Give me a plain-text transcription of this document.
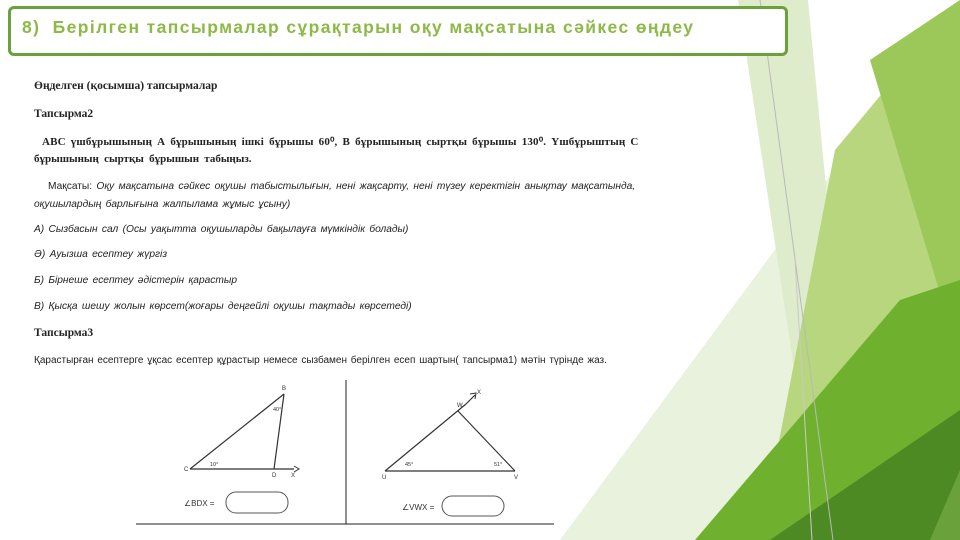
8) Берілген тапсырмалар сұрақтарын оқу мақсатына сәйкес өңдеу
Өңделген (қосымша) тапсырмалар
Тапсырма2
ABC үшбұрышының А бұрышының ішкі бұрышы 60⁰, В бұрышының сыртқы бұрышы 130⁰. Үшбұрыштың С
бұрышының сыртқы бұрышын табыңыз.
Мақсаты: Оқу мақсатына сәйкес оқушы табыстылығын, нені жақсарту, нені түзеу керектігін анықтау мақсатында,
оқушылардың барлығына жалпылама жұмыс ұсыну)
А) Сызбасын сал (Осы уақытта оқушыларды бақылауға мүмкіндік болады)
Ә) Ауызша есептеу жүргіз
Б) Бірнеше есептеу әдістерін қарастыр
В) Қысқа шешу жолын көрсет(жоғары деңгейлі оқушы тақтады көрсетеді)
Тапсырма3
Қарастырған есептерге ұқсас есептер құрастыр немесе сызбамен берілген есеп шартын( тапсырма1) мәтін түрінде жаз.
B
C
D X
40°
10°
∠BDX =
W
X
U	V
45°	51°
∠VWX =
